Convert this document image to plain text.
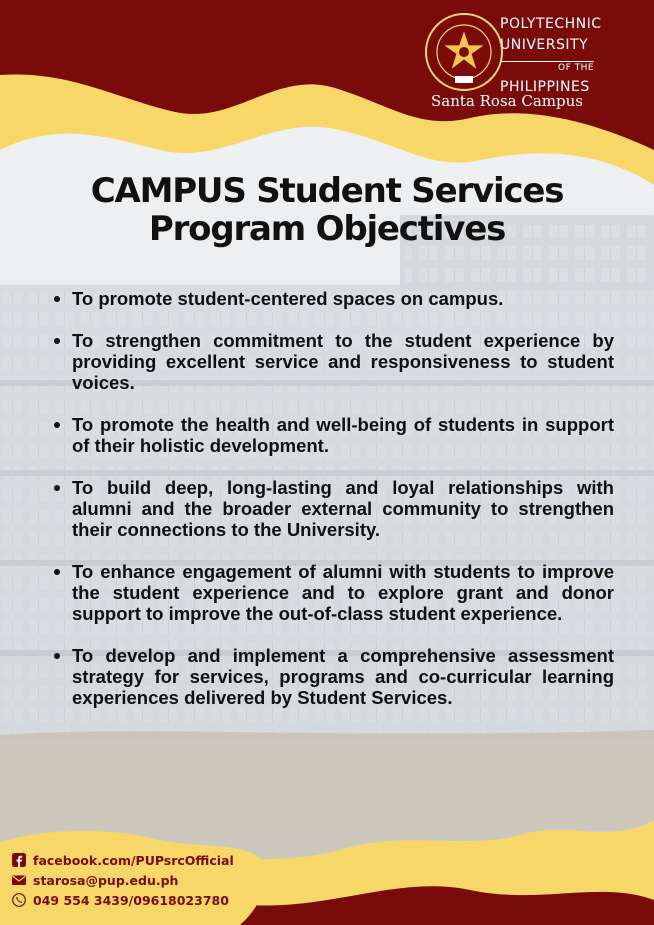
POLYTECHNIC
UNIVERSITY
OF THE
PHILIPPINES
Santa Rosa Campus
CAMPUS Student Services
Program Objectives
To promote student-centered spaces on campus.
To strengthen commitment to the student experience by providing excellent service and responsiveness to student voices.
To promote the health and well-being of students in support of their holistic development.
To build deep, long-lasting and loyal relationships with alumni and the broader external community to strengthen their connections to the University.
To enhance engagement of alumni with students to improve the student experience and to explore grant and donor support to improve the out-of-class student experience.
To develop and implement a comprehensive assessment strategy for services, programs and co-curricular learning experiences delivered by Student Services.
facebook.com/PUPsrcOfficial
starosa@pup.edu.ph
049 554 3439/09618023780
